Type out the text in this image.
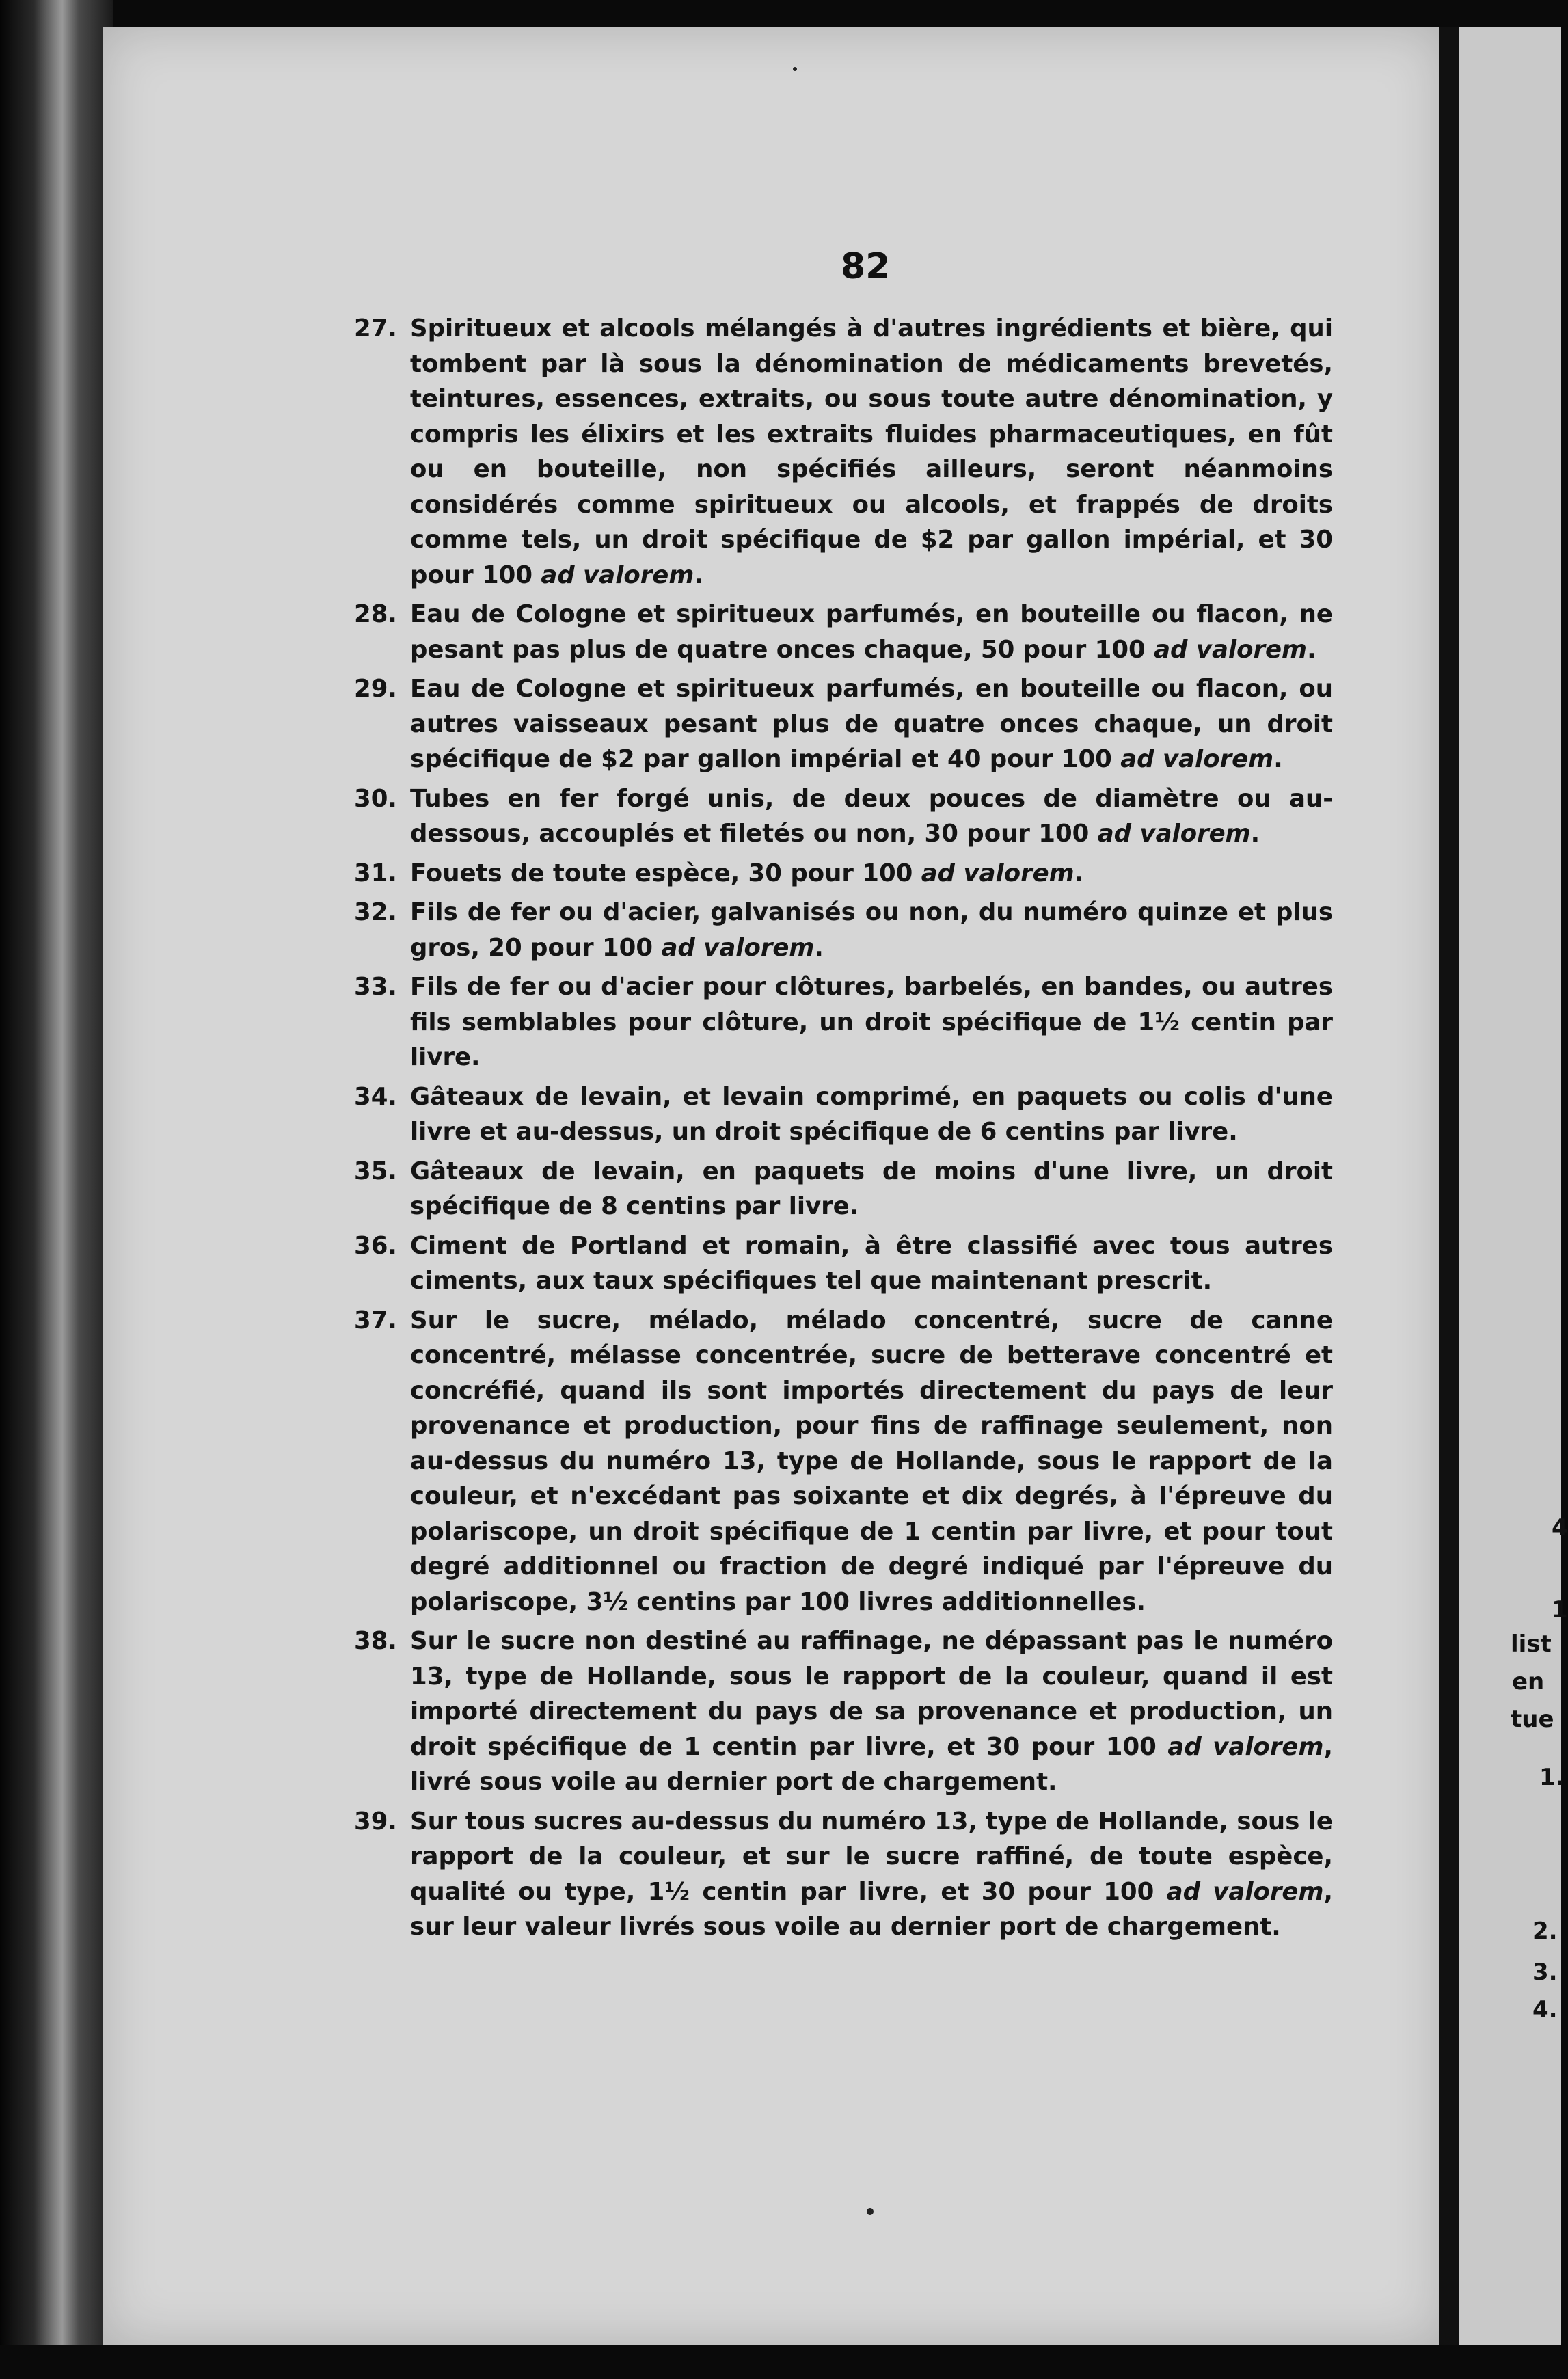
82
27. Spiritueux et alcools mélangés à d'autres ingrédients et bière, qui tombent par là sous la dénomination de médicaments brevetés, teintures, essences, extraits, ou sous toute autre dénomination, y compris les élixirs et les extraits fluides pharmaceutiques, en fût ou en bouteille, non spécifiés ailleurs, seront néanmoins considérés comme spiritueux ou alcools, et frappés de droits comme tels, un droit spécifique de $2 par gallon impérial, et 30 pour 100 ad valorem.
28. Eau de Cologne et spiritueux parfumés, en bouteille ou flacon, ne pesant pas plus de quatre onces chaque, 50 pour 100 ad valorem.
29. Eau de Cologne et spiritueux parfumés, en bouteille ou flacon, ou autres vaisseaux pesant plus de quatre onces chaque, un droit spécifique de $2 par gallon impérial et 40 pour 100 ad valorem.
30. Tubes en fer forgé unis, de deux pouces de diamètre ou au-dessous, accouplés et filetés ou non, 30 pour 100 ad valorem.
31. Fouets de toute espèce, 30 pour 100 ad valorem.
32. Fils de fer ou d'acier, galvanisés ou non, du numéro quinze et plus gros, 20 pour 100 ad valorem.
33. Fils de fer ou d'acier pour clôtures, barbelés, en bandes, ou autres fils semblables pour clôture, un droit spécifique de 1½ centin par livre.
34. Gâteaux de levain, et levain comprimé, en paquets ou colis d'une livre et au-dessus, un droit spécifique de 6 centins par livre.
35. Gâteaux de levain, en paquets de moins d'une livre, un droit spécifique de 8 centins par livre.
36. Ciment de Portland et romain, à être classifié avec tous autres ciments, aux taux spécifiques tel que maintenant prescrit.
37. Sur le sucre, mélado, mélado concentré, sucre de canne concentré, mélasse concentrée, sucre de betterave concentré et concréfié, quand ils sont importés directement du pays de leur provenance et production, pour fins de raffinage seulement, non au-dessus du numéro 13, type de Hollande, sous le rapport de la couleur, et n'excédant pas soixante et dix degrés, à l'épreuve du polariscope, un droit spécifique de 1 centin par livre, et pour tout degré additionnel ou fraction de degré indiqué par l'épreuve du polariscope, 3½ centins par 100 livres additionnelles.
38. Sur le sucre non destiné au raffinage, ne dépassant pas le numéro 13, type de Hollande, sous le rapport de la couleur, quand il est importé directement du pays de sa provenance et production, un droit spécifique de 1 centin par livre, et 30 pour 100 ad valorem, livré sous voile au dernier port de chargement.
39. Sur tous sucres au-dessus du numéro 13, type de Hollande, sous le rapport de la couleur, et sur le sucre raffiné, de toute espèce, qualité ou type, 1½ centin par livre, et 30 pour 100 ad valorem, sur leur valeur livrés sous voile au dernier port de chargement.
4
1
list
en
tue
1.
2.
3.
4.
